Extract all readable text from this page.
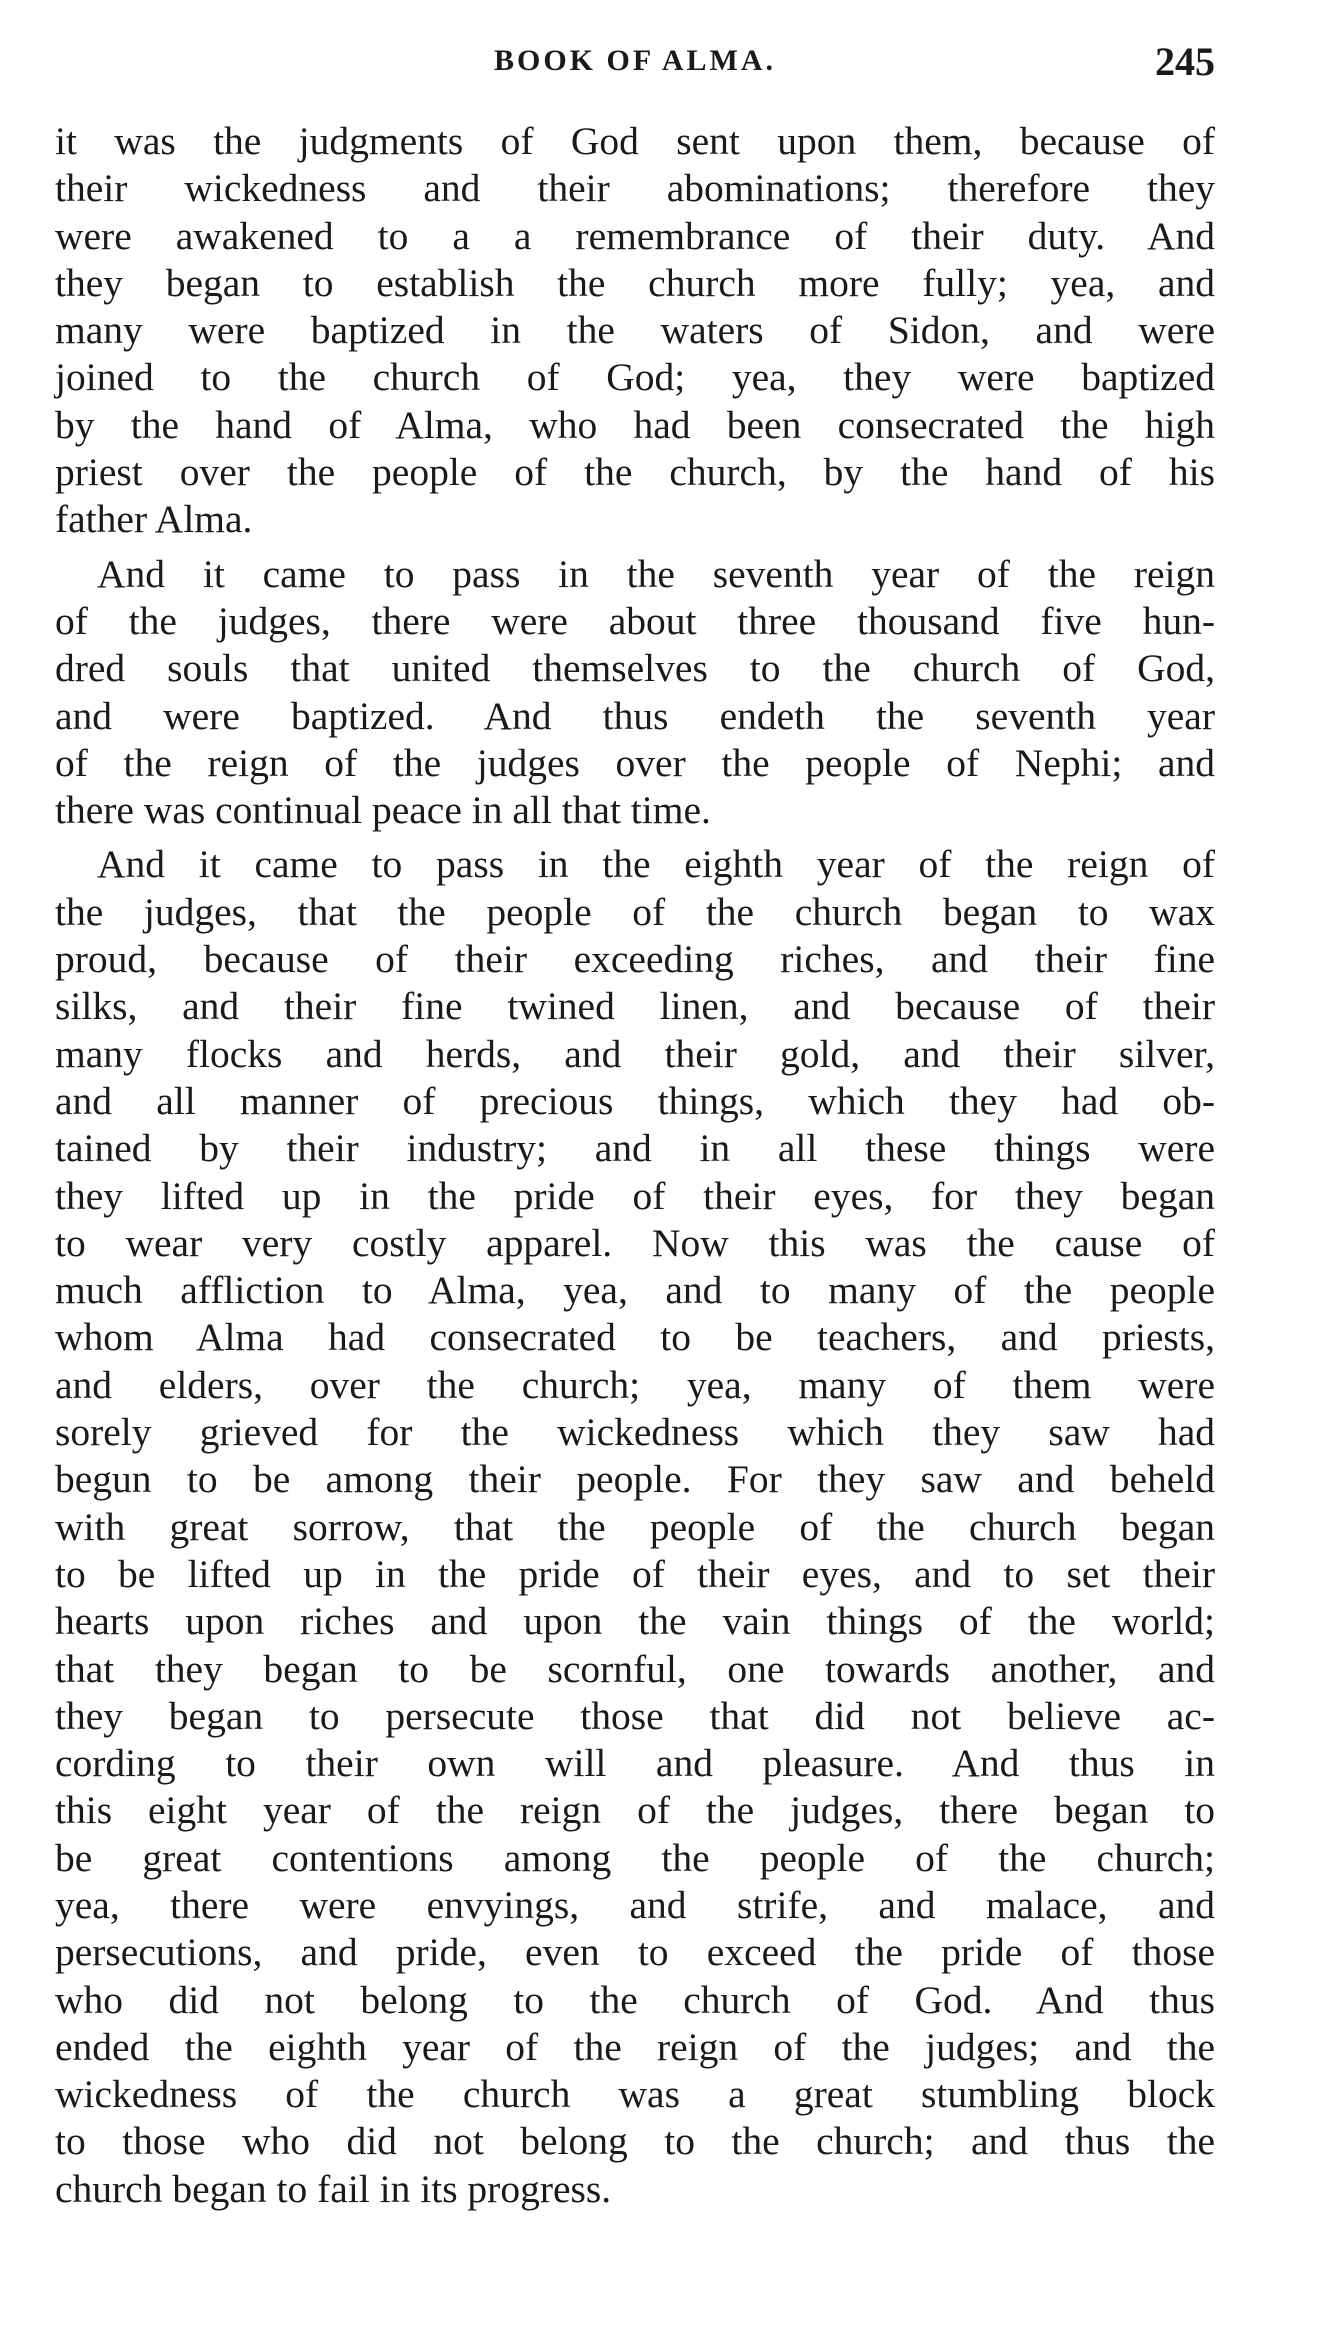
BOOK OF ALMA.	245
it was the judgments of God sent upon them, because of
their wickedness and their abominations; therefore they
were awakened to a a remembrance of their duty. And
they began to establish the church more fully; yea, and
many were baptized in the waters of Sidon, and were
joined to the church of God; yea, they were baptized
by the hand of Alma, who had been consecrated the high
priest over the people of the church, by the hand of his
father Alma.
And it came to pass in the seventh year of the reign
of the judges, there were about three thousand five hun-
dred souls that united themselves to the church of God,
and were baptized. And thus endeth the seventh year
of the reign of the judges over the people of Nephi; and
there was continual peace in all that time.
And it came to pass in the eighth year of the reign of
the judges, that the people of the church began to wax
proud, because of their exceeding riches, and their fine
silks, and their fine twined linen, and because of their
many flocks and herds, and their gold, and their silver,
and all manner of precious things, which they had ob-
tained by their industry; and in all these things were
they lifted up in the pride of their eyes, for they began
to wear very costly apparel. Now this was the cause of
much affliction to Alma, yea, and to many of the people
whom Alma had consecrated to be teachers, and priests,
and elders, over the church; yea, many of them were
sorely grieved for the wickedness which they saw had
begun to be among their people. For they saw and beheld
with great sorrow, that the people of the church began
to be lifted up in the pride of their eyes, and to set their
hearts upon riches and upon the vain things of the world;
that they began to be scornful, one towards another, and
they began to persecute those that did not believe ac-
cording to their own will and pleasure. And thus in
this eight year of the reign of the judges, there began to
be great contentions among the people of the church;
yea, there were envyings, and strife, and malace, and
persecutions, and pride, even to exceed the pride of those
who did not belong to the church of God. And thus
ended the eighth year of the reign of the judges; and the
wickedness of the church was a great stumbling block
to those who did not belong to the church; and thus the
church began to fail in its progress.
